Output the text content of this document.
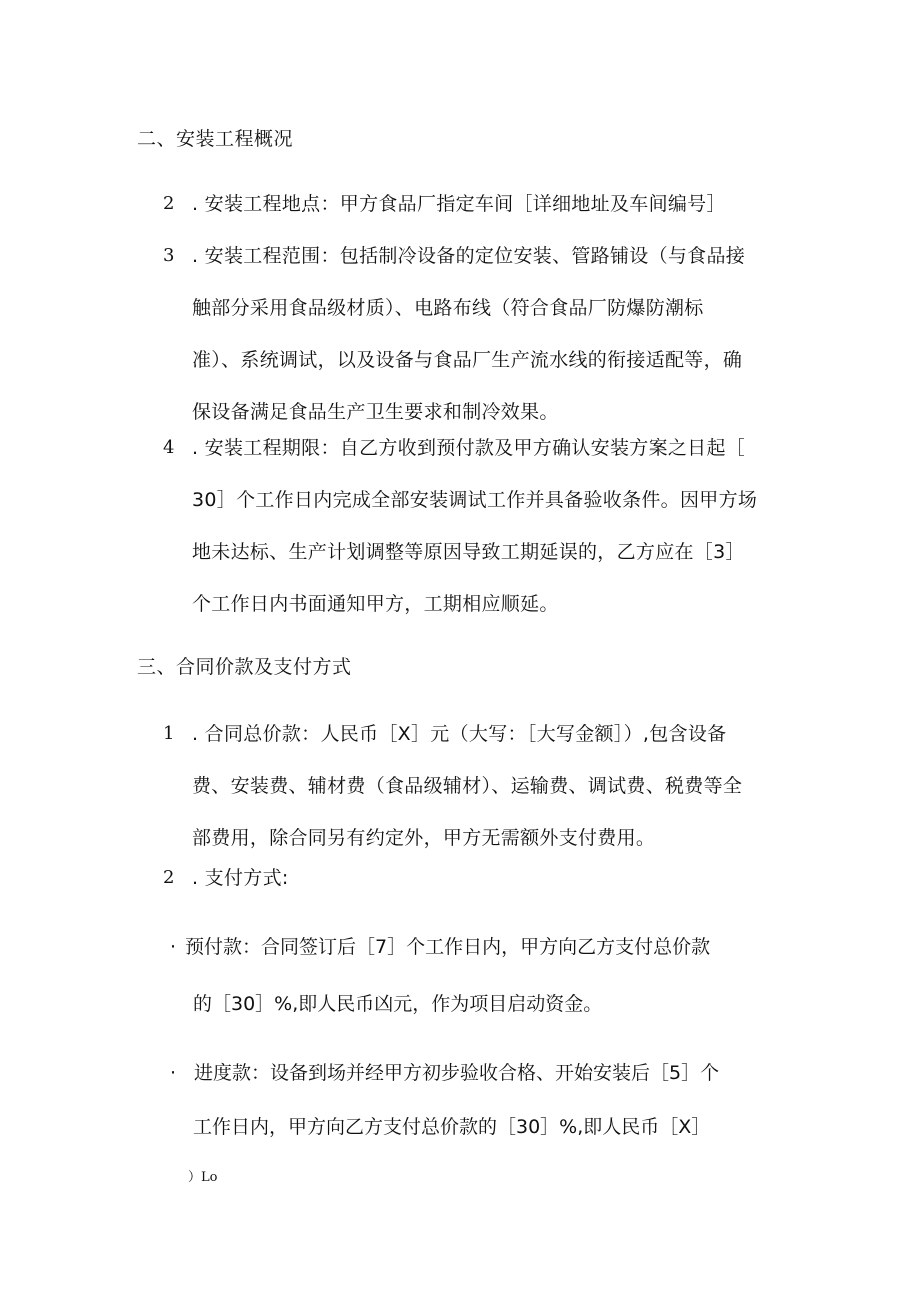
二、安装工程概况
2 . 安装工程地点：甲方食品厂指定车间［详细地址及车间编号］
3 . 安装工程范围：包括制冷设备的定位安装、管路铺设（与食品接
触部分采用食品级材质）、电路布线（符合食品厂防爆防潮标
准）、系统调试，以及设备与食品厂生产流水线的衔接适配等，确
保设备满足食品生产卫生要求和制冷效果。
4 . 安装工程期限：自乙方收到预付款及甲方确认安装方案之日起［
30］个工作日内完成全部安装调试工作并具备验收条件。因甲方场
地未达标、生产计划调整等原因导致工期延误的，乙方应在［3］
个工作日内书面通知甲方，工期相应顺延。
三、合同价款及支付方式
1 . 合同总价款：人民币［X］元（大写：［大写金额］）,包含设备
费、安装费、辅材费（食品级辅材）、运输费、调试费、税费等全
部费用，除合同另有约定外，甲方无需额外支付费用。
2 . 支付方式:
· 预付款：合同签订后［7］个工作日内，甲方向乙方支付总价款
的［30］%,即人民币凶元，作为项目启动资金。
· 进度款：设备到场并经甲方初步验收合格、开始安装后［5］个
工作日内，甲方向乙方支付总价款的［30］%,即人民币［X］
）Lo
